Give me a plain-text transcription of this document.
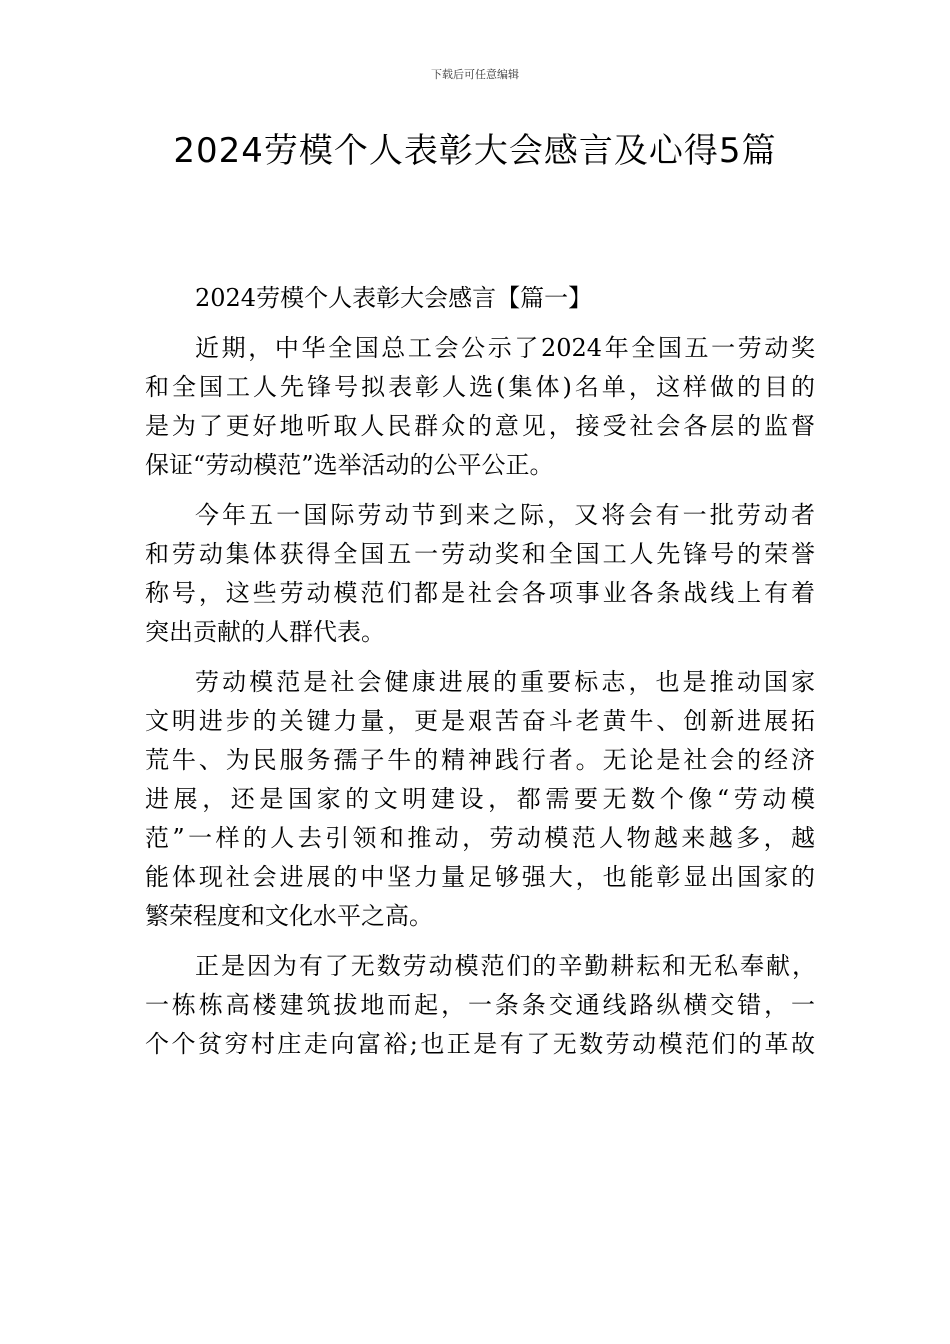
下载后可任意编辑
2024劳模个人表彰大会感言及心得5篇
2024劳模个人表彰大会感言【篇一】
近期，中华全国总工会公示了2024年全国五一劳动奖
和全国工人先锋号拟表彰人选(集体)名单，这样做的目的
是为了更好地听取人民群众的意见，接受社会各层的监督
保证“劳动模范”选举活动的公平公正。
今年五一国际劳动节到来之际，又将会有一批劳动者
和劳动集体获得全国五一劳动奖和全国工人先锋号的荣誉
称号，这些劳动模范们都是社会各项事业各条战线上有着
突出贡献的人群代表。
劳动模范是社会健康进展的重要标志，也是推动国家
文明进步的关键力量，更是艰苦奋斗老黄牛、创新进展拓
荒牛、为民服务孺子牛的精神践行者。无论是社会的经济
进展，还是国家的文明建设，都需要无数个像“劳动模
范”一样的人去引领和推动，劳动模范人物越来越多，越
能体现社会进展的中坚力量足够强大，也能彰显出国家的
繁荣程度和文化水平之高。
正是因为有了无数劳动模范们的辛勤耕耘和无私奉献，
一栋栋高楼建筑拔地而起，一条条交通线路纵横交错，一
个个贫穷村庄走向富裕;也正是有了无数劳动模范们的革故
